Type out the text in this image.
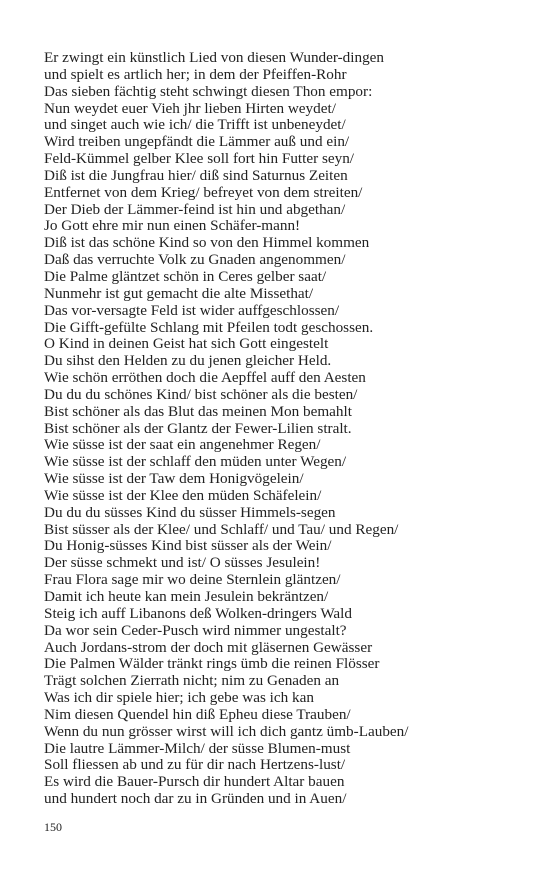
Er zwingt ein künstlich Lied von diesen Wunder-dingen
und spielt es artlich her; in dem der Pfeiffen-Rohr
Das sieben fächtig steht schwingt diesen Thon empor:
Nun weydet euer Vieh jhr lieben Hirten weydet/
und singet auch wie ich/ die Trifft ist unbeneydet/
Wird treiben ungepfändt die Lämmer auß und ein/
Feld-Kümmel gelber Klee soll fort hin Futter seyn/
Diß ist die Jungfrau hier/ diß sind Saturnus Zeiten
Entfernet von dem Krieg/ befreyet von dem streiten/
Der Dieb der Lämmer-feind ist hin und abgethan/
Jo Gott ehre mir nun einen Schäfer-mann!
Diß ist das schöne Kind so von den Himmel kommen
Daß das verruchte Volk zu Gnaden angenommen/
Die Palme gläntzet schön in Ceres gelber saat/
Nunmehr ist gut gemacht die alte Missethat/
Das vor-versagte Feld ist wider auffgeschlossen/
Die Gifft-gefülte Schlang mit Pfeilen todt geschossen.
O Kind in deinen Geist hat sich Gott eingestelt
Du sihst den Helden zu du jenen gleicher Held.
Wie schön erröthen doch die Aepffel auff den Aesten
Du du du schönes Kind/ bist schöner als die besten/
Bist schöner als das Blut das meinen Mon bemahlt
Bist schöner als der Glantz der Fewer-Lilien stralt.
Wie süsse ist der saat ein angenehmer Regen/
Wie süsse ist der schlaff den müden unter Wegen/
Wie süsse ist der Taw dem Honigvögelein/
Wie süsse ist der Klee den müden Schäfelein/
Du du du süsses Kind du süsser Himmels-segen
Bist süsser als der Klee/ und Schlaff/ und Tau/ und Regen/
Du Honig-süsses Kind bist süsser als der Wein/
Der süsse schmekt und ist/ O süsses Jesulein!
Frau Flora sage mir wo deine Sternlein gläntzen/
Damit ich heute kan mein Jesulein bekräntzen/
Steig ich auff Libanons deß Wolken-dringers Wald
Da wor sein Ceder-Pusch wird nimmer ungestalt?
Auch Jordans-strom der doch mit gläsernen Gewässer
Die Palmen Wälder tränkt rings ümb die reinen Flösser
Trägt solchen Zierrath nicht; nim zu Genaden an
Was ich dir spiele hier; ich gebe was ich kan
Nim diesen Quendel hin diß Epheu diese Trauben/
Wenn du nun grösser wirst will ich dich gantz ümb-Lauben/
Die lautre Lämmer-Milch/ der süsse Blumen-must
Soll fliessen ab und zu für dir nach Hertzens-lust/
Es wird die Bauer-Pursch dir hundert Altar bauen
und hundert noch dar zu in Gründen und in Auen/
150
